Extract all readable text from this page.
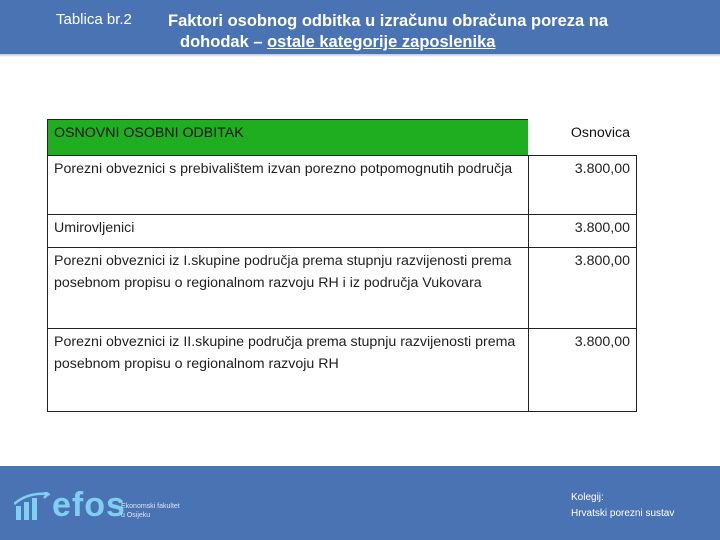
Tablica br.2 Faktori osobnog odbitka u izračunu obračuna poreza na
dohodak – ostale kategorije zaposlenika
OSNOVNI OSOBNI ODBITAK	Osnovica
Porezni obveznici s prebivalištem izvan porezno potpomognutih područja	3.800,00
Umirovljenici	3.800,00
Porezni obveznici iz I.skupine područja prema stupnju razvijenosti prema posebnom propisu o regionalnom razvoju RH i iz područja Vukovara	3.800,00
Porezni obveznici iz II.skupine područja prema stupnju razvijenosti prema posebnom propisu o regionalnom razvoju RH	3.800,00
efos
Ekonomski fakultet
u Osijeku
Kolegij:
Hrvatski porezni sustav
